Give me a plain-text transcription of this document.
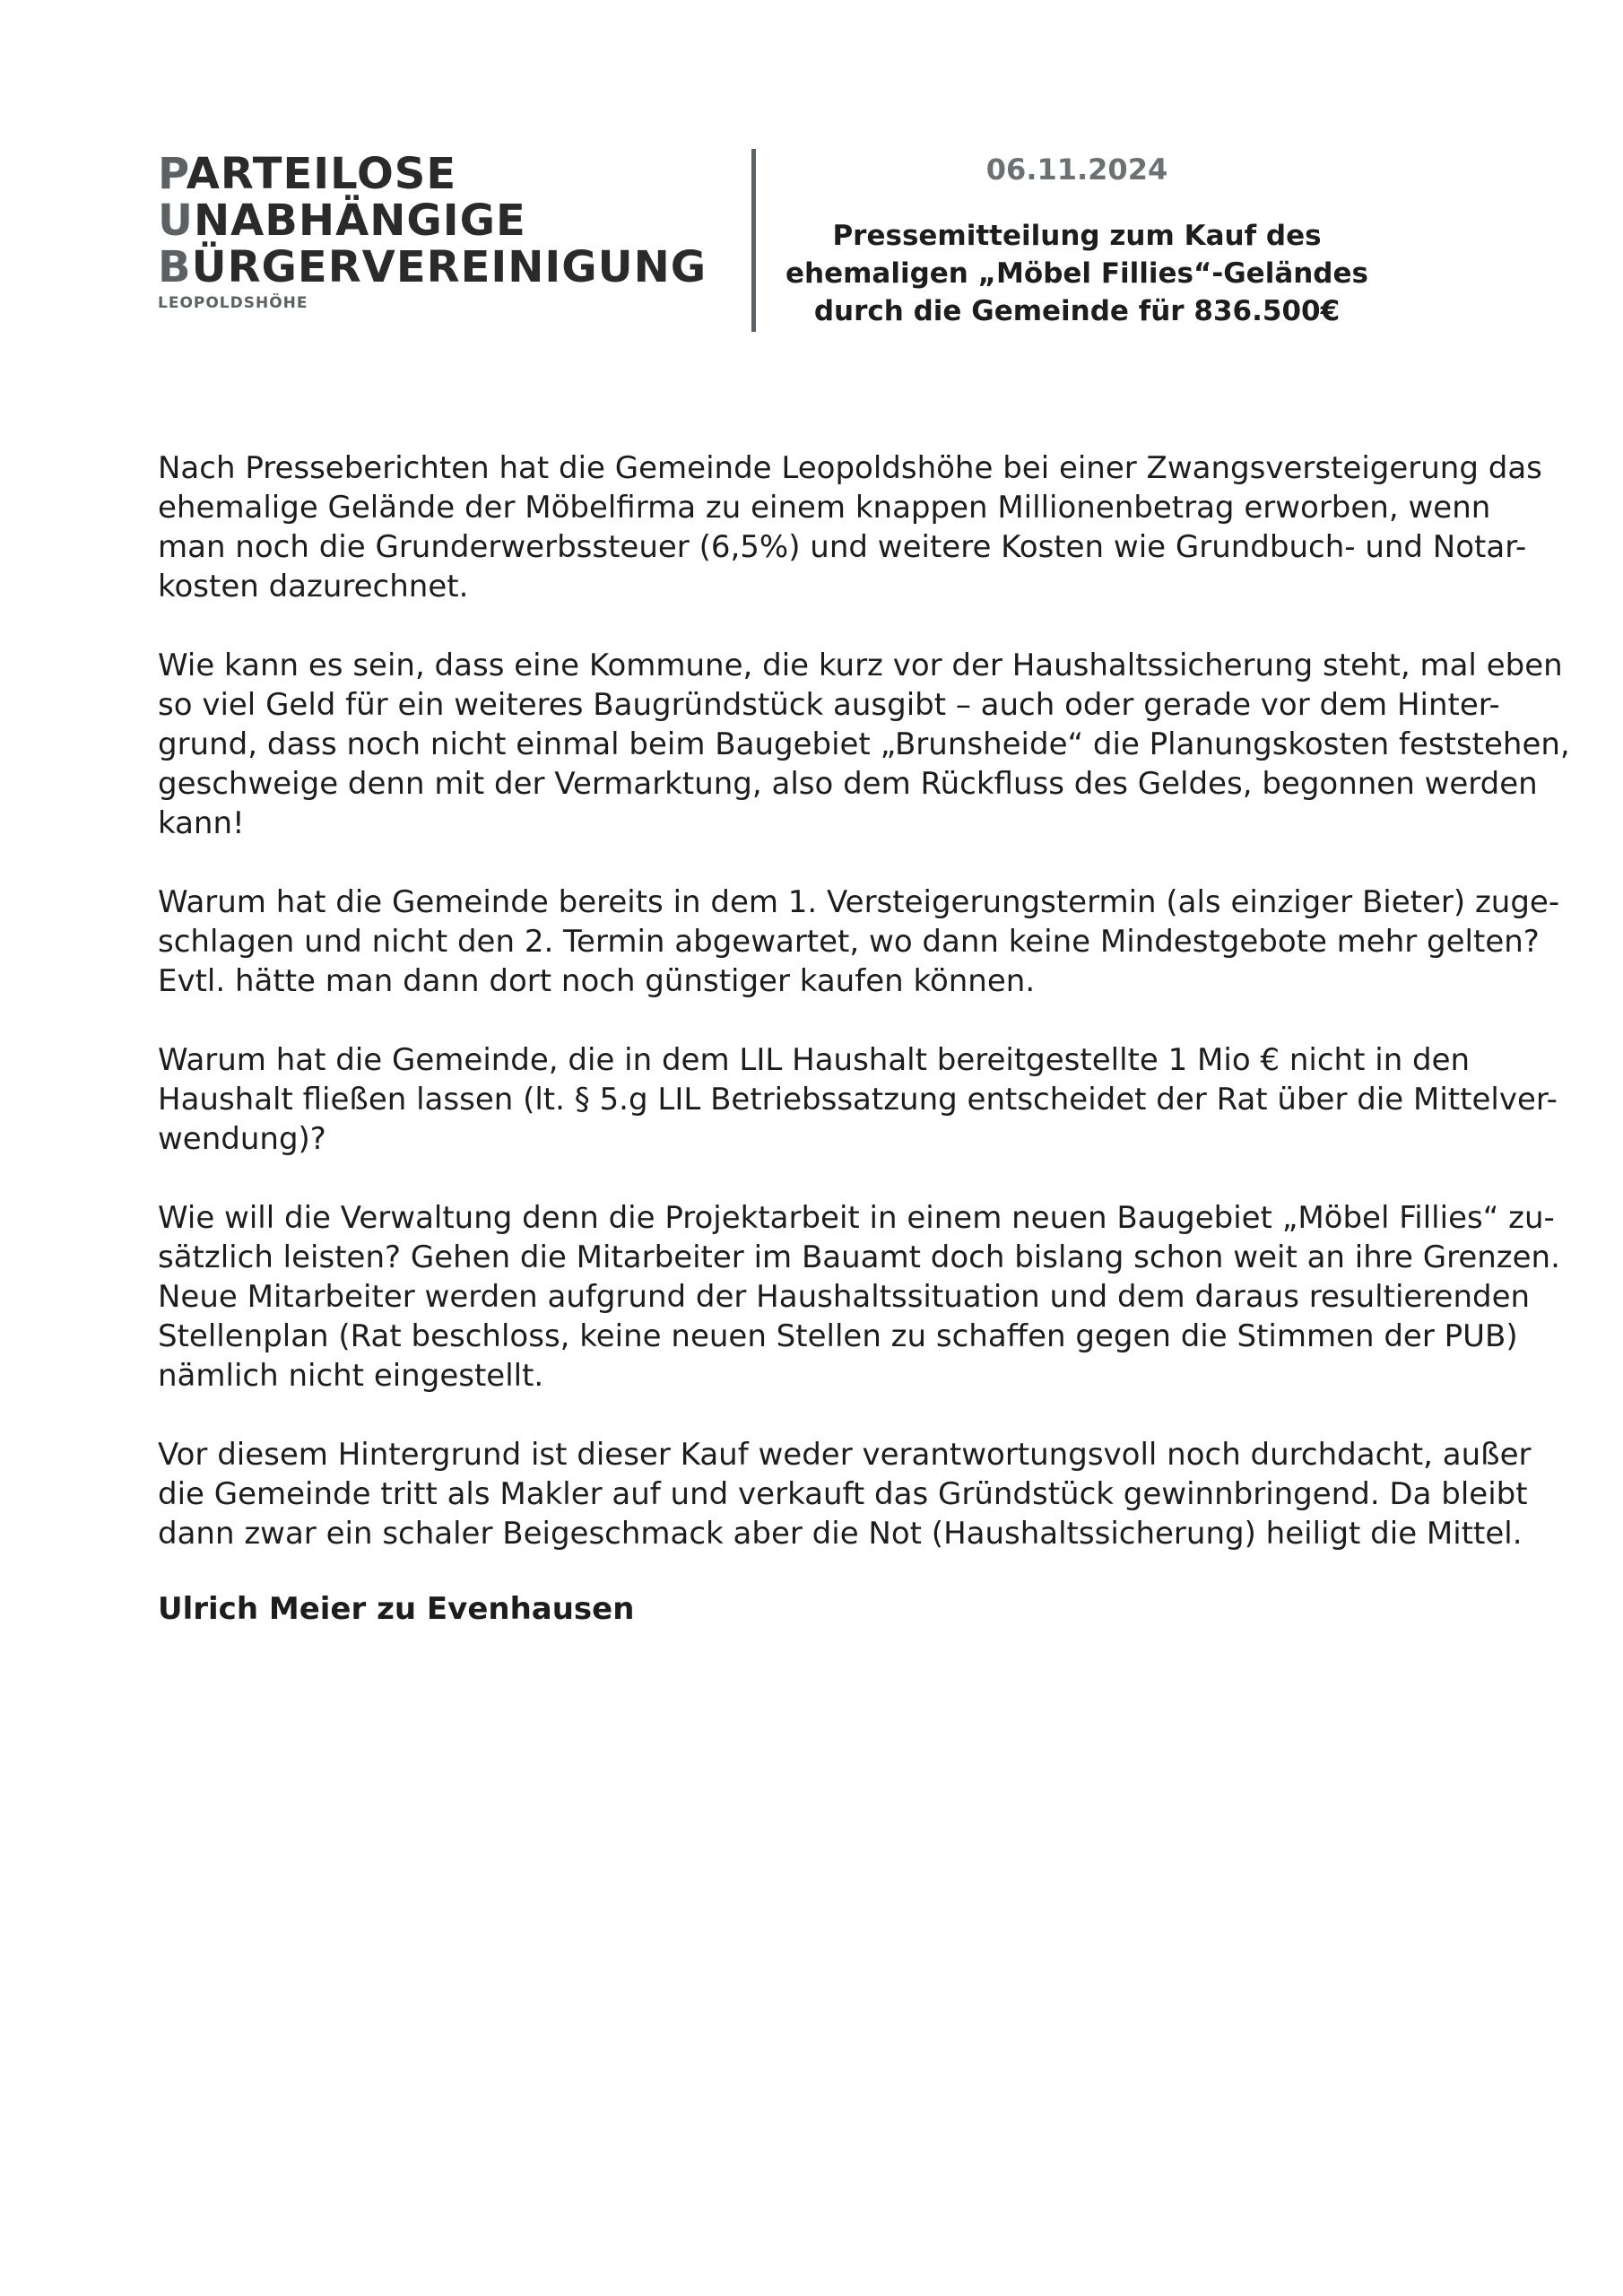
PARTEILOSE
UNABHÄNGIGE
BÜRGERVEREINIGUNG
LEOPOLDSHÖHE
06.11.2024
Pressemitteilung zum Kauf des
ehemaligen „Möbel Fillies“-Geländes
durch die Gemeinde für 836.500€

Nach Presseberichten hat die Gemeinde Leopoldshöhe bei einer Zwangsversteigerung das
ehemalige Gelände der Möbelfirma zu einem knappen Millionenbetrag erworben, wenn
man noch die Grunderwerbssteuer (6,5%) und weitere Kosten wie Grundbuch- und Notar-
kosten dazurechnet.

Wie kann es sein, dass eine Kommune, die kurz vor der Haushaltssicherung steht, mal eben
so viel Geld für ein weiteres Baugründstück ausgibt – auch oder gerade vor dem Hinter-
grund, dass noch nicht einmal beim Baugebiet „Brunsheide“ die Planungskosten feststehen,
geschweige denn mit der Vermarktung, also dem Rückfluss des Geldes, begonnen werden
kann!

Warum hat die Gemeinde bereits in dem 1. Versteigerungstermin (als einziger Bieter) zuge-
schlagen und nicht den 2. Termin abgewartet, wo dann keine Mindestgebote mehr gelten?
Evtl. hätte man dann dort noch günstiger kaufen können.

Warum hat die Gemeinde, die in dem LIL Haushalt bereitgestellte 1 Mio € nicht in den
Haushalt fließen lassen (lt. § 5.g LIL Betriebssatzung entscheidet der Rat über die Mittelver-
wendung)?

Wie will die Verwaltung denn die Projektarbeit in einem neuen Baugebiet „Möbel Fillies“ zu-
sätzlich leisten? Gehen die Mitarbeiter im Bauamt doch bislang schon weit an ihre Grenzen.
Neue Mitarbeiter werden aufgrund der Haushaltssituation und dem daraus resultierenden
Stellenplan (Rat beschloss, keine neuen Stellen zu schaffen gegen die Stimmen der PUB)
nämlich nicht eingestellt.

Vor diesem Hintergrund ist dieser Kauf weder verantwortungsvoll noch durchdacht, außer
die Gemeinde tritt als Makler auf und verkauft das Gründstück gewinnbringend. Da bleibt
dann zwar ein schaler Beigeschmack aber die Not (Haushaltssicherung) heiligt die Mittel.

Ulrich Meier zu Evenhausen
